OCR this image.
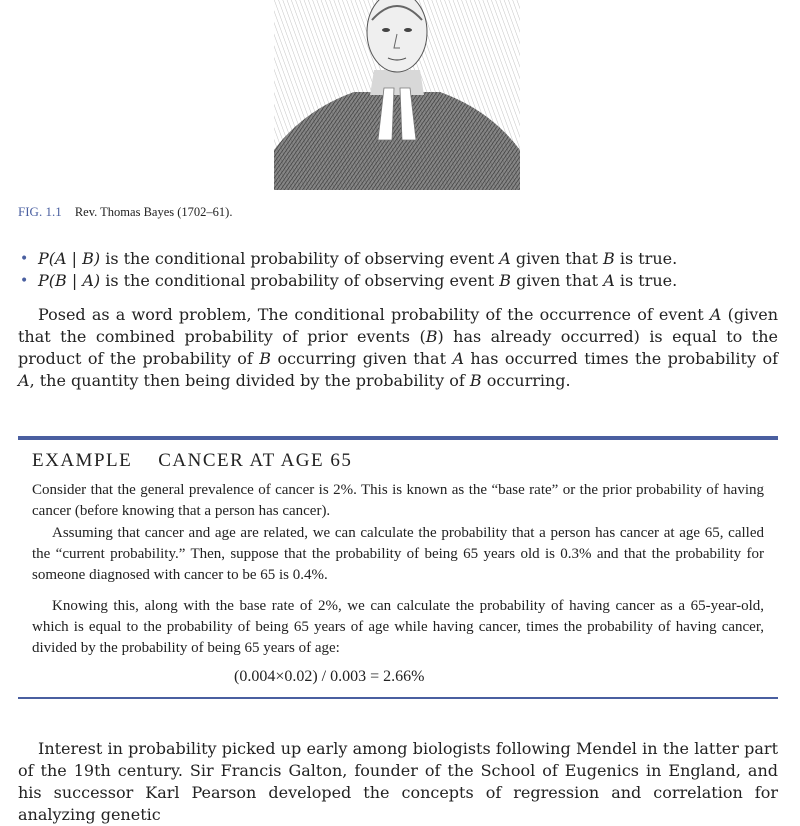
FIG. 1.1 Rev. Thomas Bayes (1702–61).
• P(A | B) is the conditional probability of observing event A given that B is true.
• P(B | A) is the conditional probability of observing event B given that A is true.

Posed as a word problem, The conditional probability of the occurrence of event A (given that the combined probability of prior events (B) has already occurred) is equal to the product of the probability of B occurring given that A has occurred times the probability of A, the quantity then being divided by the probability of B occurring.

EXAMPLE CANCER AT AGE 65

Consider that the general prevalence of cancer is 2%. This is known as the “base rate” or the prior probability of having cancer (before knowing that a person has cancer).

Assuming that cancer and age are related, we can calculate the probability that a person has cancer at age 65, called the “current probability.” Then, suppose that the probability of being 65 years old is 0.3% and that the probability for someone diagnosed with cancer to be 65 is 0.4%.

Knowing this, along with the base rate of 2%, we can calculate the probability of having cancer as a 65-year-old, which is equal to the probability of being 65 years of age while having cancer, times the probability of having cancer, divided by the probability of being 65 years of age:

(0.004×0.02) / 0.003 = 2.66%

Interest in probability picked up early among biologists following Mendel in the latter part of the 19th century. Sir Francis Galton, founder of the School of Eugenics in England, and his successor Karl Pearson developed the concepts of regression and correlation for analyzing genetic
